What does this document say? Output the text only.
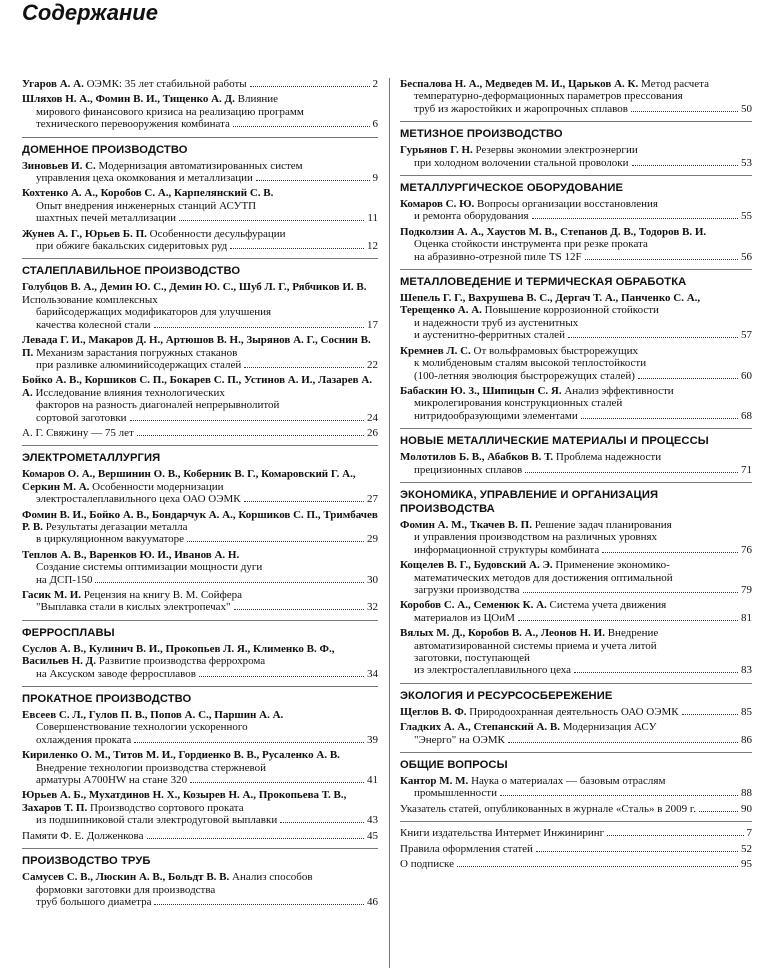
Содержание
Угаров А. А. ОЭМК: 35 лет стабильной работы	2
Шляхов Н. А., Фомин В. И., Тищенко А. Д. Влияние
мирового финансового кризиса на реализацию программ
технического перевооружения комбината	6
ДОМЕННОЕ ПРОИЗВОДСТВО
Зиновьев И. С. Модернизация автоматизированных систем
управления цеха окомкования и металлизации	9
Кохтенко А. А., Коробов С. А., Карпелянский С. В.
Опыт внедрения инженерных станций АСУТП
шахтных печей металлизации	11
Жунев А. Г., Юрьев Б. П. Особенности десульфурации
при обжиге бакальских сидеритовых руд	12
СТАЛЕПЛАВИЛЬНОЕ ПРОИЗВОДСТВО
Голубцов В. А., Демин Ю. С., Демин Ю. С., Шуб Л. Г., Рябчиков И. В. Использование комплексных
барийсодержащих модификаторов для улучшения
качества колесной стали	17
Левада Г. И., Макаров Д. Н., Артюшов В. Н., Зырянов А. Г., Соснин В. П. Механизм зарастания погружных стаканов
при разливке алюминийсодержащих сталей	22
Бойко А. В., Коршиков С. П., Бокарев С. П., Устинов А. И., Лазарев А. А. Исследование влияния технологических
факторов на разность диагоналей непрерывнолитой
сортовой заготовки	24
А. Г. Свяжину — 75 лет	26
ЭЛЕКТРОМЕТАЛЛУРГИЯ
Комаров О. А., Вершинин О. В., Коберник В. Г., Комаровский Г. А., Серкин М. А. Особенности модернизации
электросталеплавильного цеха ОАО ОЭМК	27
Фомин В. И., Бойко А. В., Бондарчук А. А., Коршиков С. П., Тримбачев Р. В. Результаты дегазации металла
в циркуляционном вакууматоре	29
Теплов А. В., Варенков Ю. И., Иванов А. Н.
Создание системы оптимизации мощности дуги
на ДСП-150	30
Гасик М. И. Рецензия на книгу В. М. Сойфера
"Выплавка стали в кислых электропечах"	32
ФЕРРОСПЛАВЫ
Суслов А. В., Кулинич В. И., Прокопьев Л. Я., Клименко В. Ф., Васильев Н. Д. Развитие производства феррохрома
на Аксуском заводе ферросплавов	34
ПРОКАТНОЕ ПРОИЗВОДСТВО
Евсеев С. Л., Гулов П. В., Попов А. С., Паршин А. А.
Совершенствование технологии ускоренного
охлаждения проката	39
Кириленко О. М., Титов М. И., Гордиенко В. В., Русаленко А. В.
Внедрение технологии производства стержневой
арматуры А700HW на стане 320	41
Юрьев А. Б., Мухатдинов Н. Х., Козырев Н. А., Прокопьева Т. В., Захаров Т. П. Производство сортового проката
из подшипниковой стали электродуговой выплавки	43
Памяти Ф. Е. Долженкова	45
ПРОИЗВОДСТВО ТРУБ
Самусев С. В., Люскин А. В., Больдт В. В. Анализ способов
формовки заготовки для производства
труб большого диаметра	46
Беспалова Н. А., Медведев М. И., Царьков А. К. Метод расчета
температурно-деформационных параметров прессования
труб из жаростойких и жаропрочных сплавов	50
МЕТИЗНОЕ ПРОИЗВОДСТВО
Гурьянов Г. Н. Резервы экономии электроэнергии
при холодном волочении стальной проволоки	53
МЕТАЛЛУРГИЧЕСКОЕ ОБОРУДОВАНИЕ
Комаров С. Ю. Вопросы организации восстановления
и ремонта оборудования	55
Подколзин А. А., Хаустов М. В., Степанов Д. В., Тодоров В. И.
Оценка стойкости инструмента при резке проката
на абразивно-отрезной пиле TS 12F	56
МЕТАЛЛОВЕДЕНИЕ И ТЕРМИЧЕСКАЯ ОБРАБОТКА
Шепель Г. Г., Вахрушева В. С., Дергач Т. А., Панченко С. А., Терещенко А. А. Повышение коррозионной стойкости
и надежности труб из аустенитных
и аустенитно-ферритных сталей	57
Кремнев Л. С. От вольфрамовых быстрорежущих
к молибденовым сталям высокой теплостойкости
(100-летняя эволюция быстрорежущих сталей)	60
Бабаскин Ю. З., Шипицын С. Я. Анализ эффективности
микролегирования конструкционных сталей
нитридообразующими элементами	68
НОВЫЕ МЕТАЛЛИЧЕСКИЕ МАТЕРИАЛЫ И ПРОЦЕССЫ
Молотилов Б. В., Абабков В. Т. Проблема надежности
прецизионных сплавов	71
ЭКОНОМИКА, УПРАВЛЕНИЕ И ОРГАНИЗАЦИЯ ПРОИЗВОДСТВА
Фомин А. М., Ткачев В. П. Решение задач планирования
и управления производством на различных уровнях
информационной структуры комбината	76
Кощелев В. Г., Будовский А. Э. Применение экономико-
математических методов для достижения оптимальной
загрузки производства	79
Коробов С. А., Семенюк К. А. Система учета движения
материалов из ЦОиМ	81
Вялых М. Д., Коробов В. А., Леонов Н. И. Внедрение
автоматизированной системы приема и учета литой
заготовки, поступающей
из электросталеплавильного цеха	83
ЭКОЛОГИЯ И РЕСУРСОСБЕРЕЖЕНИЕ
Щеглов В. Ф. Природоохранная деятельность ОАО ОЭМК	85
Гладких А. А., Степанский А. В. Модернизация АСУ
"Энерго" на ОЭМК	86
ОБЩИЕ ВОПРОСЫ
Кантор М. М. Наука о материалах — базовым отраслям
промышленности	88
Указатель статей, опубликованных в журнале «Сталь» в 2009 г.	90
Книги издательства Интермет Инжиниринг	7
Правила оформления статей	52
О подписке	95
